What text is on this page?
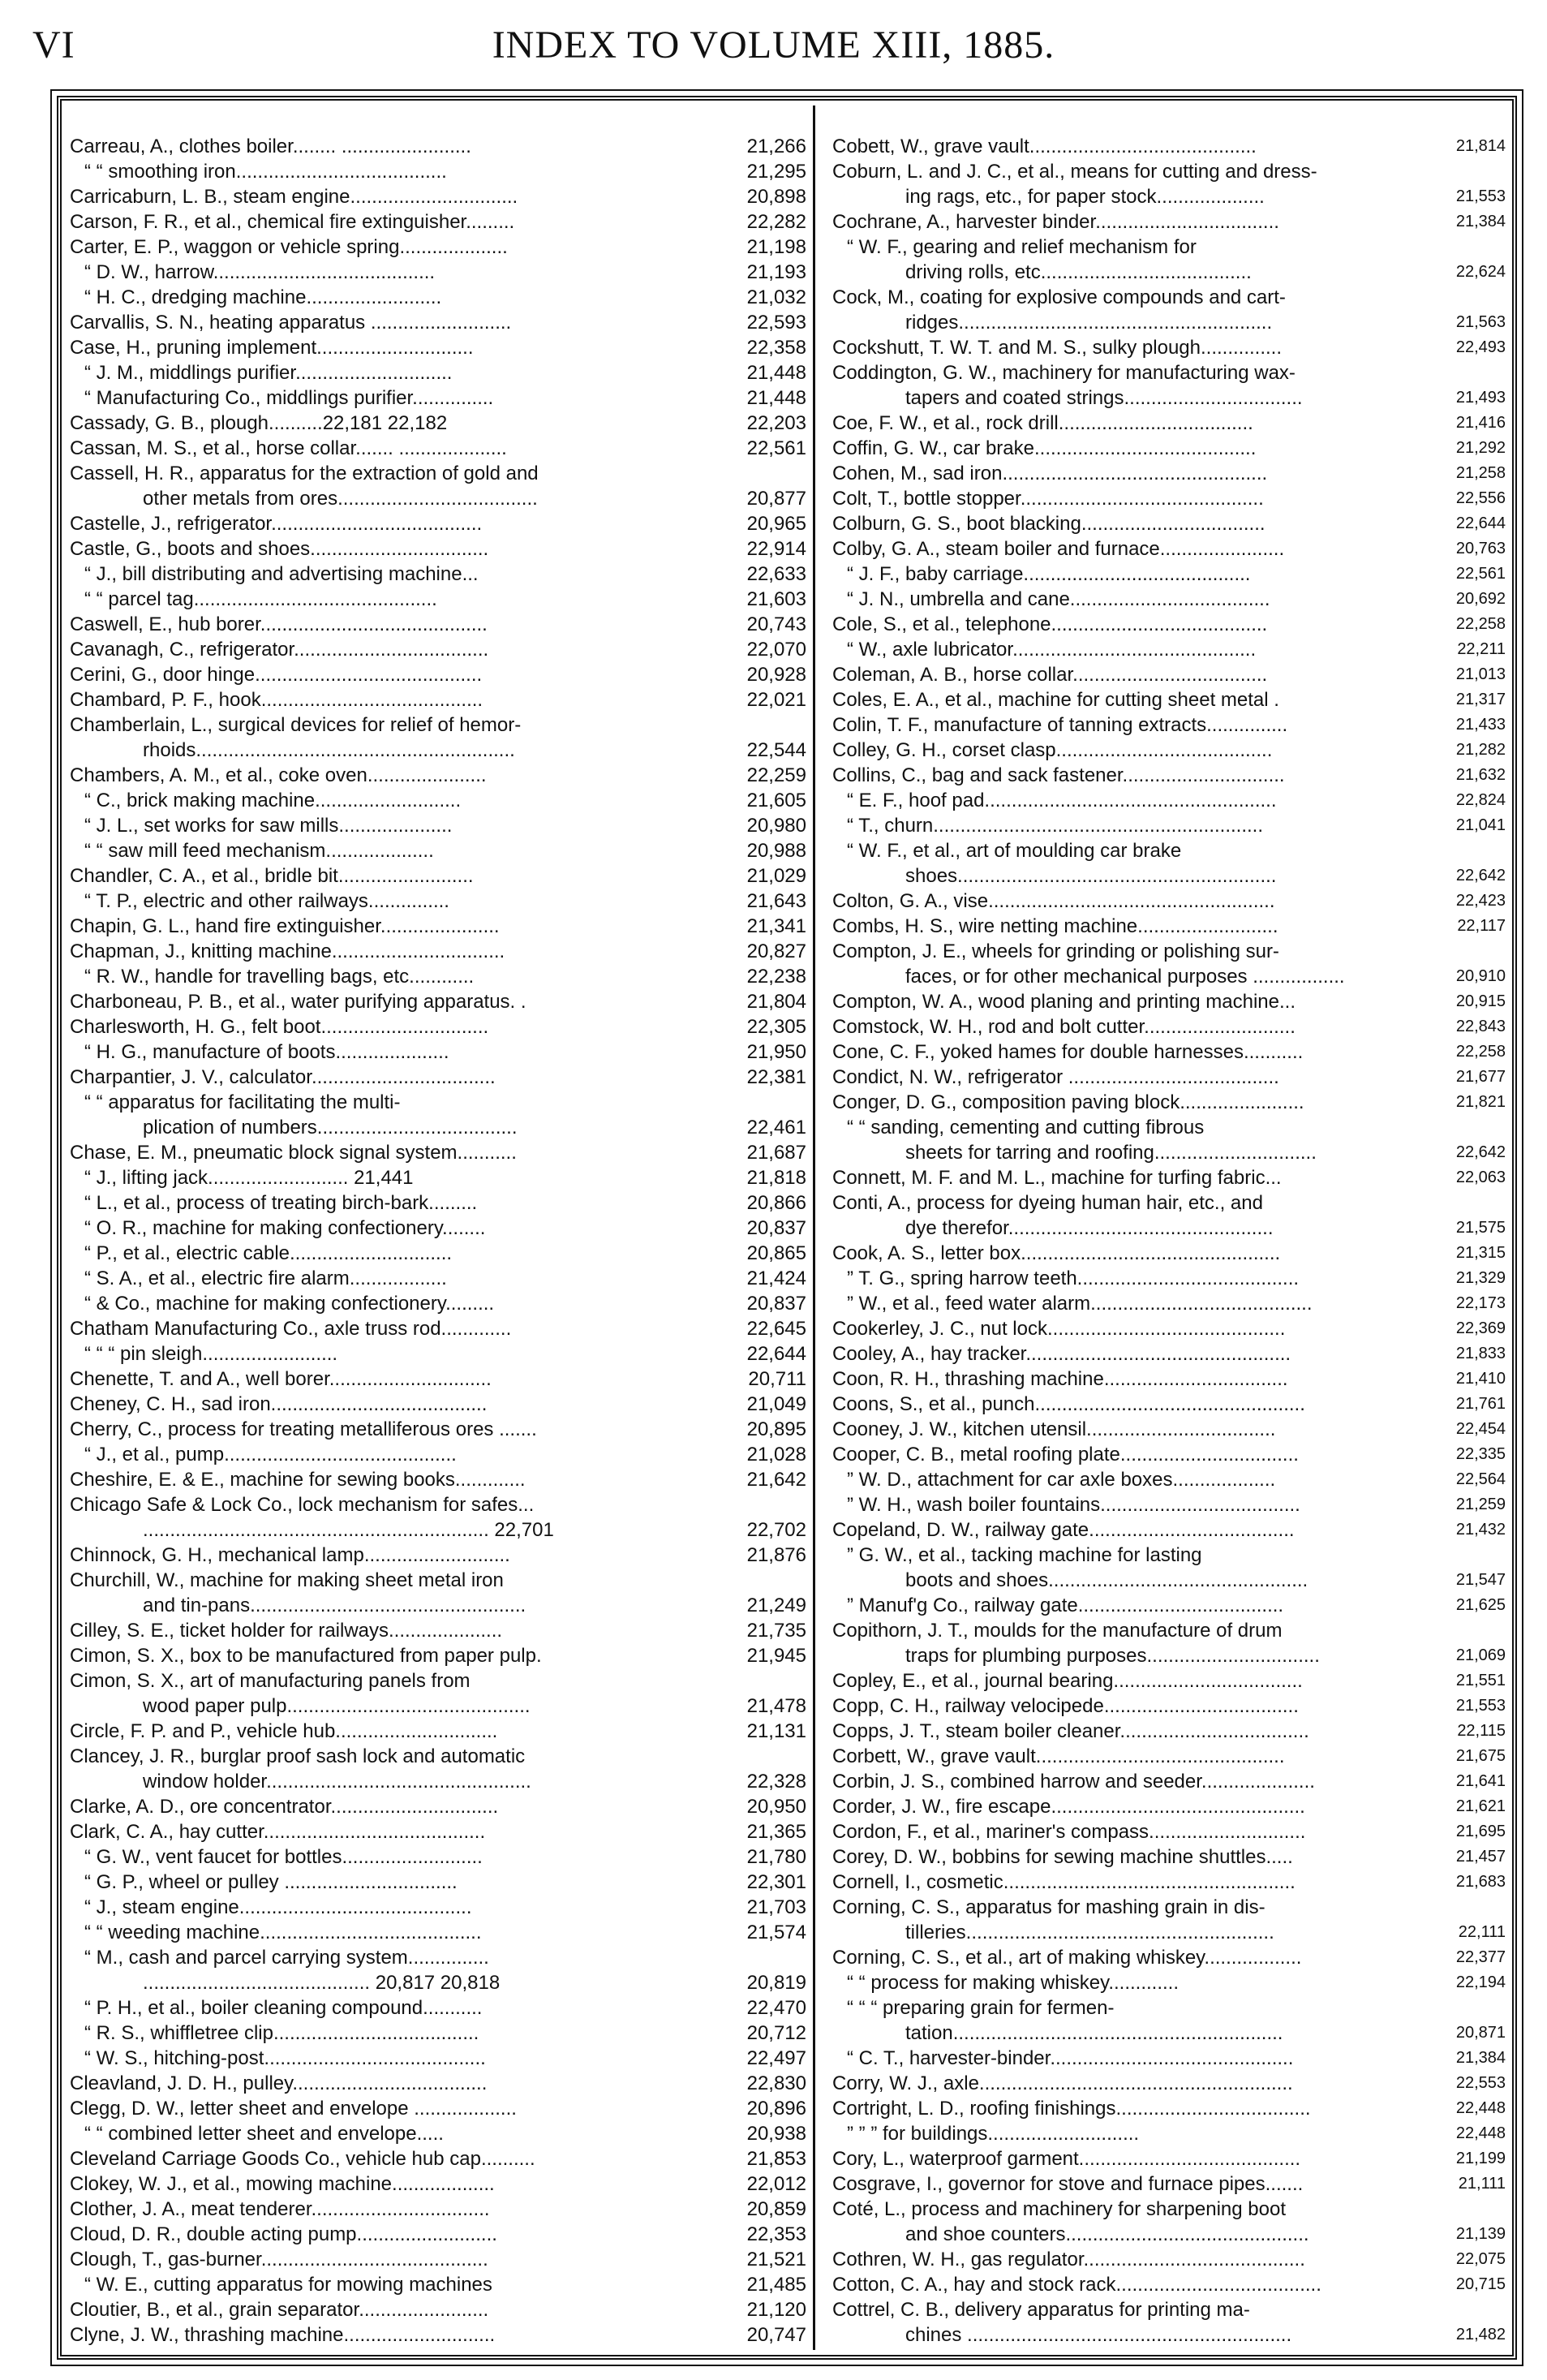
INDEX TO VOLUME XIII, 1885.
VI
Carreau, A., clothes boiler........ ........................	21,266
“ “ smoothing iron.......................................	21,295
Carricaburn, L. B., steam engine...............................	20,898
Carson, F. R., et al., chemical fire extinguisher.........	22,282
Carter, E. P., waggon or vehicle spring....................	21,198
“ D. W., harrow.........................................	21,193
“ H. C., dredging machine.........................	21,032
Carvallis, S. N., heating apparatus ..........................	22,593
Case, H., pruning implement.............................	22,358
“ J. M., middlings purifier.............................	21,448
“ Manufacturing Co., middlings purifier...............	21,448
Cassady, G. B., plough..........22,181 22,182	22,203
Cassan, M. S., et al., horse collar....... ....................	22,561
Cassell, H. R., apparatus for the extraction of gold and
other metals from ores.....................................	20,877
Castelle, J., refrigerator.......................................	20,965
Castle, G., boots and shoes.................................	22,914
“ J., bill distributing and advertising machine...	22,633
“ “ parcel tag.............................................	21,603
Caswell, E., hub borer..........................................	20,743
Cavanagh, C., refrigerator....................................	22,070
Cerini, G., door hinge..........................................	20,928
Chambard, P. F., hook.........................................	22,021
Chamberlain, L., surgical devices for relief of hemor-
rhoids...........................................................	22,544
Chambers, A. M., et al., coke oven......................	22,259
“ C., brick making machine...........................	21,605
“ J. L., set works for saw mills.....................	20,980
“ “ saw mill feed mechanism....................	20,988
Chandler, C. A., et al., bridle bit.........................	21,029
“ T. P., electric and other railways...............	21,643
Chapin, G. L., hand fire extinguisher......................	21,341
Chapman, J., knitting machine................................	20,827
“ R. W., handle for travelling bags, etc............	22,238
Charboneau, P. B., et al., water purifying apparatus. .	21,804
Charlesworth, H. G., felt boot...............................	22,305
“ H. G., manufacture of boots.....................	21,950
Charpantier, J. V., calculator..................................	22,381
“ “ apparatus for facilitating the multi-
plication of numbers.....................................	22,461
Chase, E. M., pneumatic block signal system...........	21,687
“ J., lifting jack.......................... 21,441	21,818
“ L., et al., process of treating birch-bark.........	20,866
“ O. R., machine for making confectionery........	20,837
“ P., et al., electric cable..............................	20,865
“ S. A., et al., electric fire alarm..................	21,424
“ & Co., machine for making confectionery.........	20,837
Chatham Manufacturing Co., axle truss rod.............	22,645
“ “ “ pin sleigh.........................	22,644
Chenette, T. and A., well borer..............................	20,711
Cheney, C. H., sad iron........................................	21,049
Cherry, C., process for treating metalliferous ores .......	20,895
“ J., et al., pump...........................................	21,028
Cheshire, E. & E., machine for sewing books.............	21,642
Chicago Safe & Lock Co., lock mechanism for safes...
................................................................ 22,701	22,702
Chinnock, G. H., mechanical lamp...........................	21,876
Churchill, W., machine for making sheet metal iron
and tin-pans...................................................	21,249
Cilley, S. E., ticket holder for railways.....................	21,735
Cimon, S. X., box to be manufactured from paper pulp.	21,945
Cimon, S. X., art of manufacturing panels from
wood paper pulp.............................................	21,478
Circle, F. P. and P., vehicle hub..............................	21,131
Clancey, J. R., burglar proof sash lock and automatic
window holder.................................................	22,328
Clarke, A. D., ore concentrator...............................	20,950
Clark, C. A., hay cutter.........................................	21,365
“ G. W., vent faucet for bottles..........................	21,780
“ G. P., wheel or pulley ................................	22,301
“ J., steam engine...........................................	21,703
“ “ weeding machine.........................................	21,574
“ M., cash and parcel carrying system...............
.......................................... 20,817 20,818	20,819
“ P. H., et al., boiler cleaning compound...........	22,470
“ R. S., whiffletree clip......................................	20,712
“ W. S., hitching-post.........................................	22,497
Cleavland, J. D. H., pulley....................................	22,830
Clegg, D. W., letter sheet and envelope ...................	20,896
“ “ combined letter sheet and envelope.....	20,938
Cleveland Carriage Goods Co., vehicle hub cap..........	21,853
Clokey, W. J., et al., mowing machine...................	22,012
Clother, J. A., meat tenderer.................................	20,859
Cloud, D. R., double acting pump..........................	22,353
Clough, T., gas-burner..........................................	21,521
“ W. E., cutting apparatus for mowing machines	21,485
Cloutier, B., et al., grain separator........................	21,120
Clyne, J. W., thrashing machine............................	20,747
Cobett, W., grave vault..........................................	21,814
Coburn, L. and J. C., et al., means for cutting and dress-
ing rags, etc., for paper stock....................	21,553
Cochrane, A., harvester binder..................................	21,384
“ W. F., gearing and relief mechanism for
driving rolls, etc.......................................	22,624
Cock, M., coating for explosive compounds and cart-
ridges..........................................................	21,563
Cockshutt, T. W. T. and M. S., sulky plough...............	22,493
Coddington, G. W., machinery for manufacturing wax-
tapers and coated strings.................................	21,493
Coe, F. W., et al., rock drill....................................	21,416
Coffin, G. W., car brake.........................................	21,292
Cohen, M., sad iron.................................................	21,258
Colt, T., bottle stopper.............................................	22,556
Colburn, G. S., boot blacking..................................	22,644
Colby, G. A., steam boiler and furnace.......................	20,763
“ J. F., baby carriage..........................................	22,561
“ J. N., umbrella and cane.....................................	20,692
Cole, S., et al., telephone........................................	22,258
“ W., axle lubricator.............................................	22,211
Coleman, A. B., horse collar....................................	21,013
Coles, E. A., et al., machine for cutting sheet metal .	21,317
Colin, T. F., manufacture of tanning extracts...............	21,433
Colley, G. H., corset clasp........................................	21,282
Collins, C., bag and sack fastener..............................	21,632
“ E. F., hoof pad......................................................	22,824
“ T., churn.............................................................	21,041
“ W. F., et al., art of moulding car brake
shoes...........................................................	22,642
Colton, G. A., vise.....................................................	22,423
Combs, H. S., wire netting machine..........................	22,117
Compton, J. E., wheels for grinding or polishing sur-
faces, or for other mechanical purposes .................	20,910
Compton, W. A., wood planing and printing machine...	20,915
Comstock, W. H., rod and bolt cutter............................	22,843
Cone, C. F., yoked hames for double harnesses...........	22,258
Condict, N. W., refrigerator .......................................	21,677
Conger, D. G., composition paving block.......................	21,821
“ “ sanding, cementing and cutting fibrous
sheets for tarring and roofing..............................	22,642
Connett, M. F. and M. L., machine for turfing fabric...	22,063
Conti, A., process for dyeing human hair, etc., and
dye therefor.................................................	21,575
Cook, A. S., letter box................................................	21,315
” T. G., spring harrow teeth.........................................	21,329
” W., et al., feed water alarm.........................................	22,173
Cookerley, J. C., nut lock............................................	22,369
Cooley, A., hay tracker.................................................	21,833
Coon, R. H., thrashing machine..................................	21,410
Coons, S., et al., punch..................................................	21,761
Cooney, J. W., kitchen utensil...................................	22,454
Cooper, C. B., metal roofing plate.................................	22,335
” W. D., attachment for car axle boxes...................	22,564
” W. H., wash boiler fountains.....................................	21,259
Copeland, D. W., railway gate......................................	21,432
” G. W., et al., tacking machine for lasting
boots and shoes................................................	21,547
” Manuf'g Co., railway gate......................................	21,625
Copithorn, J. T., moulds for the manufacture of drum
traps for plumbing purposes................................	21,069
Copley, E., et al., journal bearing...................................	21,551
Copp, C. H., railway velocipede....................................	21,553
Copps, J. T., steam boiler cleaner...................................	22,115
Corbett, W., grave vault..............................................	21,675
Corbin, J. S., combined harrow and seeder.....................	21,641
Corder, J. W., fire escape...............................................	21,621
Cordon, F., et al., mariner's compass.............................	21,695
Corey, D. W., bobbins for sewing machine shuttles.....	21,457
Cornell, I., cosmetic......................................................	21,683
Corning, C. S., apparatus for mashing grain in dis-
tilleries.........................................................	22,111
Corning, C. S., et al., art of making whiskey..................	22,377
“ “ process for making whiskey.............	22,194
“ “ “ preparing grain for fermen-
tation.............................................................	20,871
“ C. T., harvester-binder.............................................	21,384
Corry, W. J., axle..........................................................	22,553
Cortright, L. D., roofing finishings....................................	22,448
” ” ” for buildings............................	22,448
Cory, L., waterproof garment.........................................	21,199
Cosgrave, I., governor for stove and furnace pipes.......	21,111
Coté, L., process and machinery for sharpening boot
and shoe counters.............................................	21,139
Cothren, W. H., gas regulator.........................................	22,075
Cotton, C. A., hay and stock rack......................................	20,715
Cottrel, C. B., delivery apparatus for printing ma-
chines ............................................................	21,482
